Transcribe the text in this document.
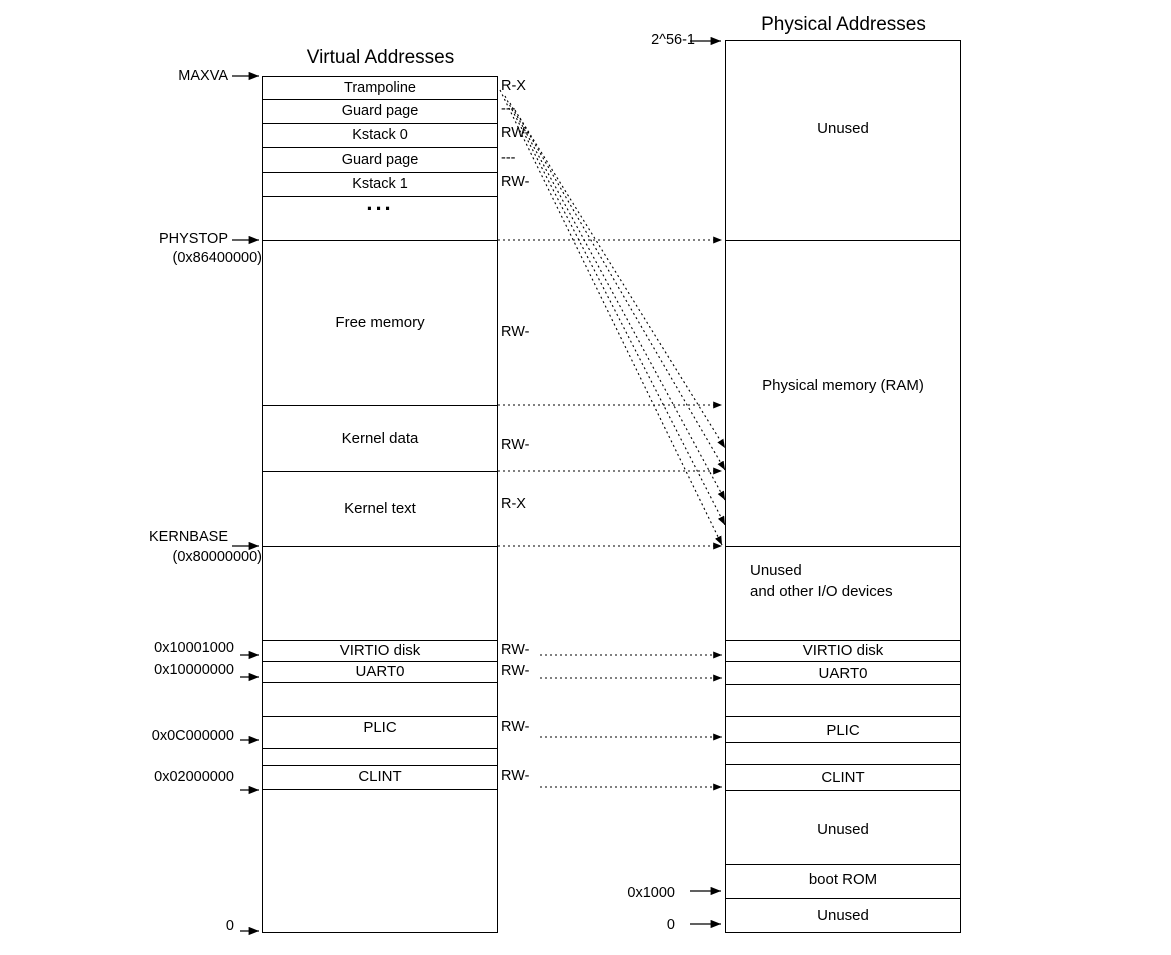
Virtual Addresses
Physical Addresses
Trampoline
Guard page
Kstack 0
Guard page
Kstack 1
...
Free memory
Kernel data
Kernel text
VIRTIO disk
UART0
PLIC
CLINT
R-X
---
RW-
---
RW-
RW-
RW-
R-X
RW-
RW-
RW-
RW-
MAXVA
PHYSTOP
(0x86400000)
KERNBASE
(0x80000000)
0x10001000
0x10000000
0x0C000000
0x02000000
0
2^56-1
0x1000
0
Unused
Physical memory (RAM)
Unused
and other I/O devices
VIRTIO disk
UART0
PLIC
CLINT
Unused
boot ROM
Unused
